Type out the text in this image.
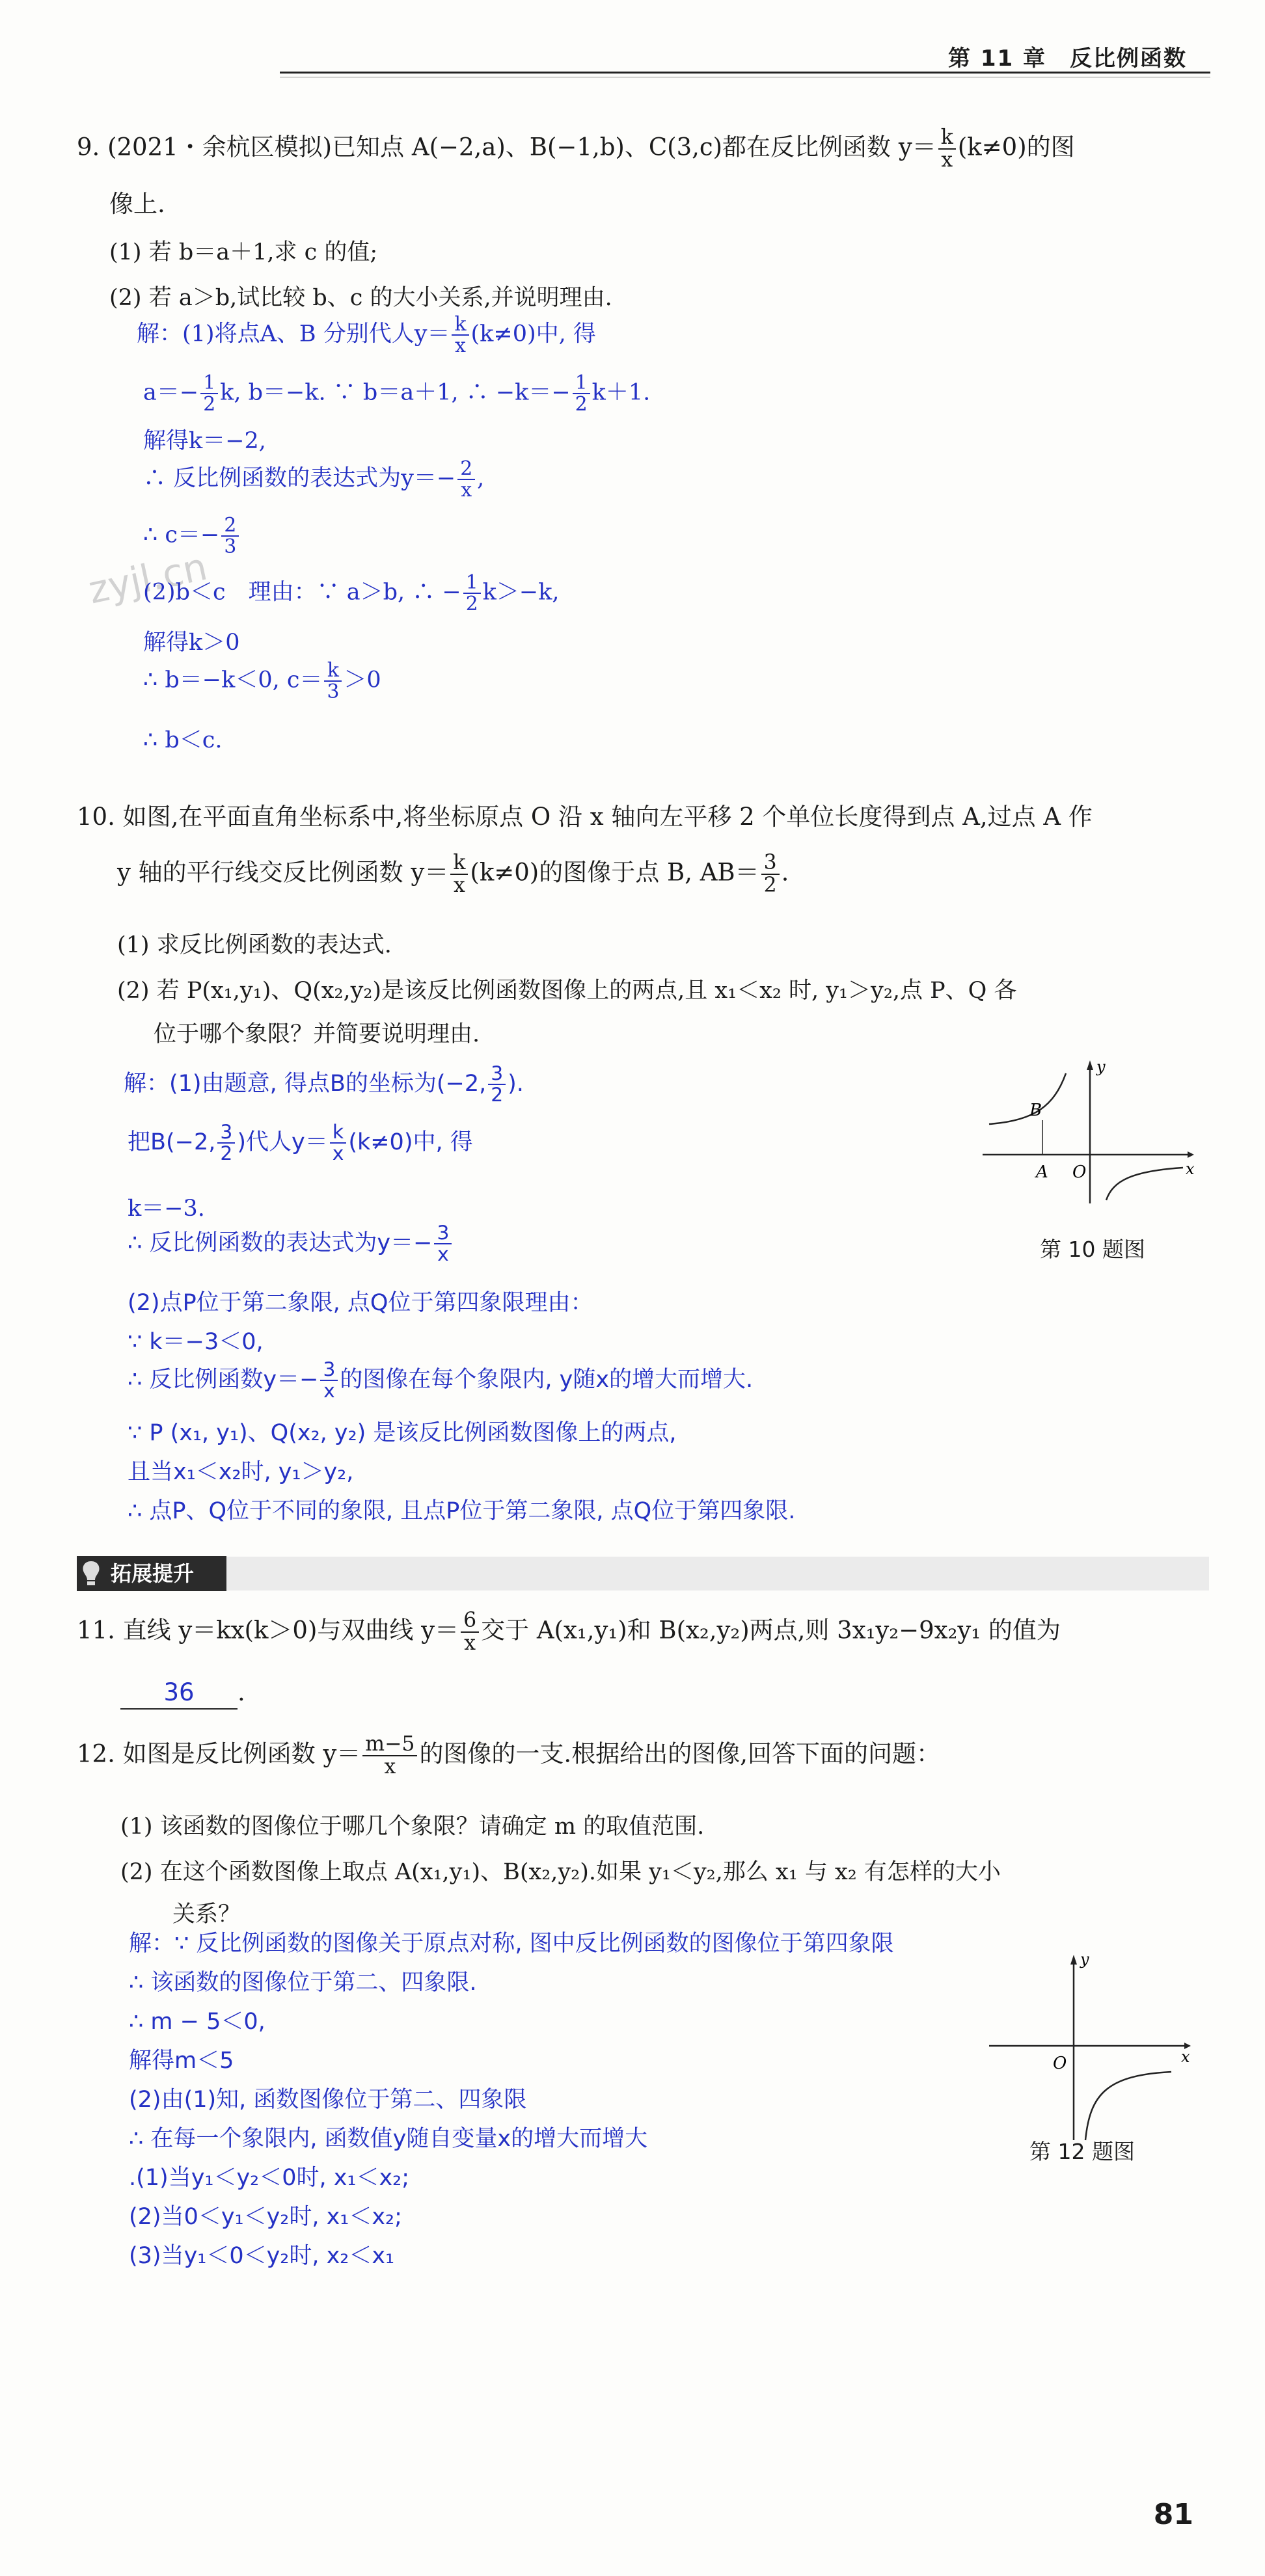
第 11 章　反比例函数
zyjl.cn
9. (2021・余杭区模拟)已知点 A(−2,a)、B(−1,b)、C(3,c)都在反比例函数 $y= \frac{k}{x} (k\ne 0)$的图
像上.
(1) 若 b＝a＋1,求 c 的值;
(2) 若 a＞b,试比较 b、c 的大小关系,并说明理由.
解：(1)将点A、B 分别代人$y= \frac{k}{x} (k\ne 0)$中, 得
$a=- \frac{1}{2} k$, b＝−k. ∵ b＝a＋1, ∴ $-k=- \frac{1}{2} k+1$.
解得k＝−2,
∴ 反比例函数的表达式为$y=- \frac{2}{x}$ ,
∴ $c=- \frac{2}{3}$
(2)b＜c　理由：∵ a＞b, ∴ − $\frac{1}{2} k>-k$,
解得k＞0
∴ b＝−k＜0, $c= \frac{k}{3} >0$
∴ b＜c.
10. 如图,在平面直角坐标系中,将坐标原点 O 沿 x 轴向左平移 2 个单位长度得到点 A,过点 A 作
y 轴的平行线交反比例函数 $y= \frac{k}{x} (k\ne 0)$的图像于点 B, $AB= \frac{3}{2}$ .
(1) 求反比例函数的表达式.
(2) 若 P(x₁,y₁)、Q(x₂,y₂)是该反比例函数图像上的两点,且 x₁＜x₂ 时, y₁＞y₂,点 P、Q 各
位于哪个象限？并简要说明理由.
解：(1)由题意, 得点B的坐标为(−2, $\frac{3}{2}$ ).
把B(−2, $\frac{3}{2}$ )代人$y= \frac{k}{x} (k\ne 0)$中, 得
k＝−3.
∴ 反比例函数的表达式为$y=- \frac{3}{x}$
(2)点P位于第二象限, 点Q位于第四象限理由：
∵ k＝−3＜0,
∴ 反比例函数$y=- \frac{3}{x}$ 的图像在每个象限内, y随x的增大而增大.
∵ P (x₁, y₁)、Q(x₂, y₂) 是该反比例函数图像上的两点,
且当x₁＜x₂时, y₁＞y₂,
∴ 点P、Q位于不同的象限, 且点P位于第二象限, 点Q位于第四象限.
B
A O	x
y
第 10 题图
拓展提升
11. 直线 y＝kx(k＞0)与双曲线 $y= \frac{6}{x}$ 交于 A(x₁,y₁)和 B(x₂,y₂)两点,则 3x₁y₂−9x₂y₁ 的值为
36 .
12. 如图是反比例函数 $y= \frac{m-5}{x}$ 的图像的一支.根据给出的图像,回答下面的问题：
(1) 该函数的图像位于哪几个象限？请确定 m 的取值范围.
(2) 在这个函数图像上取点 A(x₁,y₁)、B(x₂,y₂).如果 y₁＜y₂,那么 x₁ 与 x₂ 有怎样的大小
关系？
解：∵ 反比例函数的图像关于原点对称, 图中反比例函数的图像位于第四象限
∴ 该函数的图像位于第二、四象限.
∴ m − 5＜0,
解得m＜5
(2)由(1)知, 函数图像位于第二、四象限
∴ 在每一个象限内, 函数值y随自变量x的增大而增大
.(1)当y₁＜y₂＜0时, x₁＜x₂;
(2)当0＜y₁＜y₂时, x₁＜x₂;
(3)当y₁＜0＜y₂时, x₂＜x₁
O	x
y
第 12 题图
81
